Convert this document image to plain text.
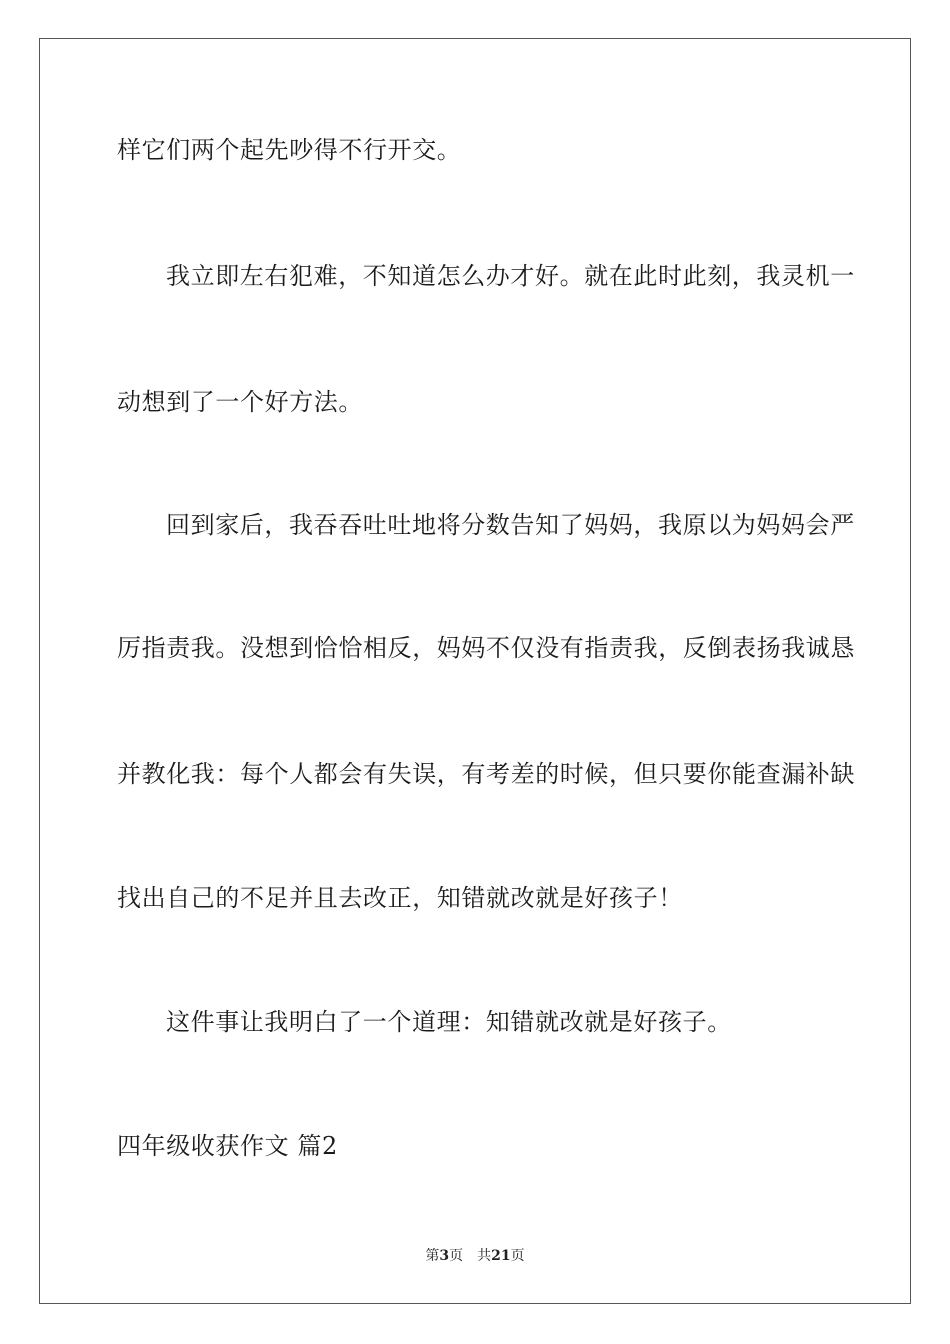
样它们两个起先吵得不行开交。
我立即左右犯难，不知道怎么办才好。就在此时此刻，我灵机一
动想到了一个好方法。
回到家后，我吞吞吐吐地将分数告知了妈妈，我原以为妈妈会严
厉指责我。没想到恰恰相反，妈妈不仅没有指责我，反倒表扬我诚恳
并教化我：每个人都会有失误，有考差的时候，但只要你能查漏补缺
找出自己的不足并且去改正，知错就改就是好孩子！
这件事让我明白了一个道理：知错就改就是好孩子。
四年级收获作文 篇2
第3页 共21页
